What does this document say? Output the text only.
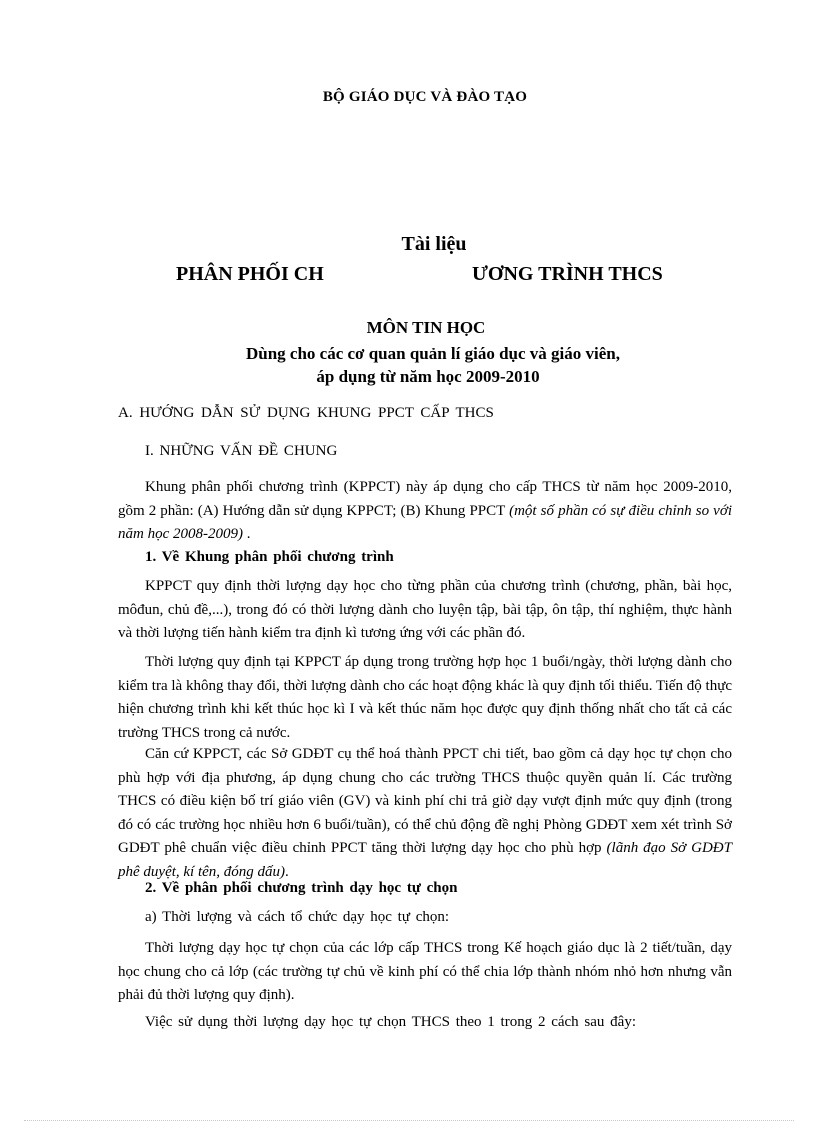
BỘ GIÁO DỤC VÀ ĐÀO TẠO
Tài liệu
PHÂN PHỐI CH	ƯƠNG TRÌNH THCS
MÔN TIN HỌC
Dùng cho các cơ quan quản lí giáo dục và giáo viên,
áp dụng từ năm học 2009-2010
A. HƯỚNG DẪN SỬ DỤNG KHUNG PPCT CẤP THCS
I. NHỮNG VẤN ĐỀ CHUNG

Khung phân phối chương trình (KPPCT) này áp dụng cho cấp THCS từ năm học 2009-2010, gồm 2 phần: (A) Hướng dẫn sử dụng KPPCT; (B) Khung PPCT (một số phần có sự điều chỉnh so với năm học 2008-2009) .

1. Về Khung phân phối chương trình

KPPCT quy định thời lượng dạy học cho từng phần của chương trình (chương, phần, bài học, môđun, chủ đề,...), trong đó có thời lượng dành cho luyện tập, bài tập, ôn tập, thí nghiệm, thực hành và thời lượng tiến hành kiểm tra định kì tương ứng với các phần đó.

Thời lượng quy định tại KPPCT áp dụng trong trường hợp học 1 buổi/ngày, thời lượng dành cho kiểm tra là không thay đổi, thời lượng dành cho các hoạt động khác là quy định tối thiểu. Tiến độ thực hiện chương trình khi kết thúc học kì I và kết thúc năm học được quy định thống nhất cho tất cả các trường THCS trong cả nước.

Căn cứ KPPCT, các Sở GDĐT cụ thể hoá thành PPCT chi tiết, bao gồm cả dạy học tự chọn cho phù hợp với địa phương, áp dụng chung cho các trường THCS thuộc quyền quản lí. Các trường THCS có điều kiện bố trí giáo viên (GV) và kinh phí chi trả giờ dạy vượt định mức quy định (trong đó có các trường học nhiều hơn 6 buổi/tuần), có thể chủ động đề nghị Phòng GDĐT xem xét trình Sở GDĐT phê chuẩn việc điều chỉnh PPCT tăng thời lượng dạy học cho phù hợp (lãnh đạo Sở GDĐT phê duyệt, kí tên, đóng dấu).

2. Về phân phối chương trình dạy học tự chọn
a) Thời lượng và cách tổ chức dạy học tự chọn:

Thời lượng dạy học tự chọn của các lớp cấp THCS trong Kế hoạch giáo dục là 2 tiết/tuần, dạy học chung cho cả lớp (các trường tự chủ về kinh phí có thể chia lớp thành nhóm nhỏ hơn nhưng vẫn phải đủ thời lượng quy định).

Việc sử dụng thời lượng dạy học tự chọn THCS theo 1 trong 2 cách sau đây:
